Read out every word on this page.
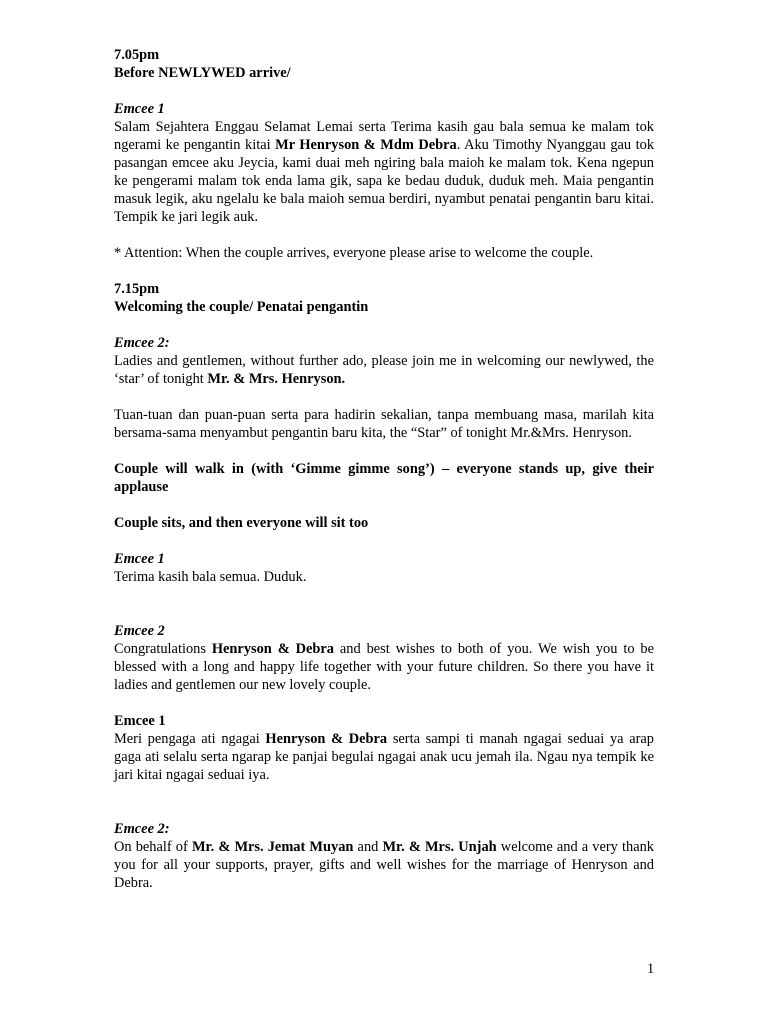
7.05pm

Before NEWLYWED arrive/

Emcee 1

Salam Sejahtera Enggau Selamat Lemai serta Terima kasih gau bala semua ke malam tok ngerami ke pengantin kitai Mr Henryson & Mdm Debra. Aku Timothy Nyanggau gau tok pasangan emcee aku Jeycia, kami duai meh ngiring bala maioh ke malam tok. Kena ngepun ke pengerami malam tok enda lama gik, sapa ke bedau duduk, duduk meh. Maia pengantin masuk legik, aku ngelalu ke bala maioh semua berdiri, nyambut penatai pengantin baru kitai. Tempik ke jari legik auk.

* Attention: When the couple arrives, everyone please arise to welcome the couple.

7.15pm

Welcoming the couple/ Penatai pengantin

Emcee 2:

Ladies and gentlemen, without further ado, please join me in welcoming our newlywed, the ‘star’ of tonight Mr. & Mrs. Henryson.

Tuan-tuan dan puan-puan serta para hadirin sekalian, tanpa membuang masa, marilah kita bersama-sama menyambut pengantin baru kita, the “Star” of tonight Mr.&Mrs. Henryson.

Couple will walk in (with ‘Gimme gimme song’) – everyone stands up, give their applause

Couple sits, and then everyone will sit too

Emcee 1

Terima kasih bala semua. Duduk.

Emcee 2

Congratulations Henryson & Debra and best wishes to both of you. We wish you to be blessed with a long and happy life together with your future children. So there you have it ladies and gentlemen our new lovely couple.

Emcee 1

Meri pengaga ati ngagai Henryson & Debra serta sampi ti manah ngagai seduai ya arap gaga ati selalu serta ngarap ke panjai begulai ngagai anak ucu jemah ila. Ngau nya tempik ke jari kitai ngagai seduai iya.

Emcee 2:

On behalf of Mr. & Mrs. Jemat Muyan and Mr. & Mrs. Unjah welcome and a very thank you for all your supports, prayer, gifts and well wishes for the marriage of Henryson and Debra.

1
